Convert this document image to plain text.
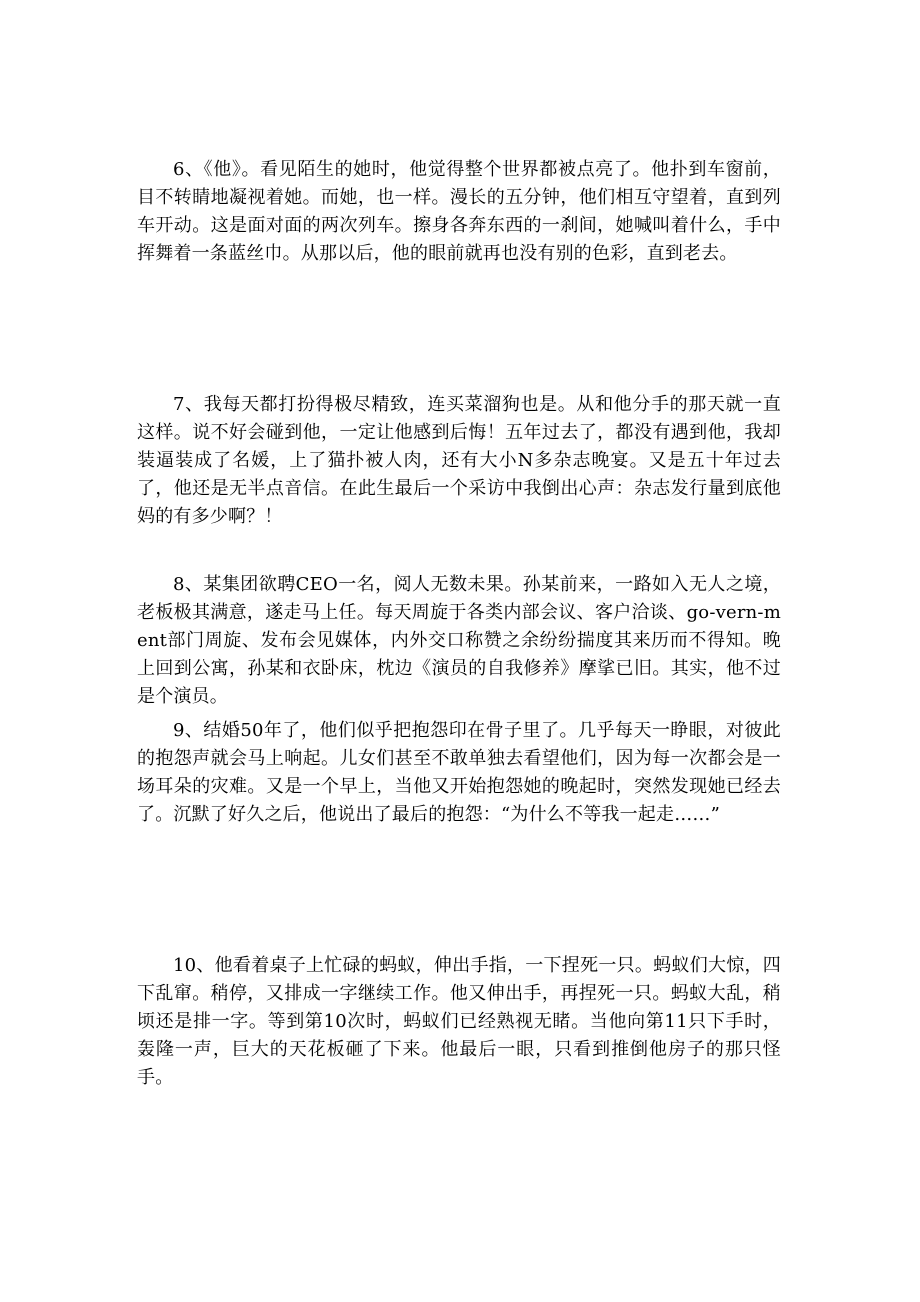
6、《他》。看见陌生的她时，他觉得整个世界都被点亮了。他扑到车窗前，目不转睛地凝视着她。而她，也一样。漫长的五分钟，他们相互守望着，直到列车开动。这是面对面的两次列车。擦身各奔东西的一刹间，她喊叫着什么，手中挥舞着一条蓝丝巾。从那以后，他的眼前就再也没有别的色彩，直到老去。

7、我每天都打扮得极尽精致，连买菜溜狗也是。从和他分手的那天就一直这样。说不好会碰到他，一定让他感到后悔！五年过去了，都没有遇到他，我却装逼装成了名媛，上了猫扑被人肉，还有大小N多杂志晚宴。又是五十年过去了，他还是无半点音信。在此生最后一个采访中我倒出心声：杂志发行量到底他妈的有多少啊？！

8、某集团欲聘CEO一名，阅人无数未果。孙某前来，一路如入无人之境，老板极其满意，遂走马上任。每天周旋于各类内部会议、客户洽谈、go-vern-ment部门周旋、发布会见媒体，内外交口称赞之余纷纷揣度其来历而不得知。晚上回到公寓，孙某和衣卧床，枕边《演员的自我修养》摩挲已旧。其实，他不过是个演员。

9、结婚50年了，他们似乎把抱怨印在骨子里了。几乎每天一睁眼，对彼此的抱怨声就会马上响起。儿女们甚至不敢单独去看望他们，因为每一次都会是一场耳朵的灾难。又是一个早上，当他又开始抱怨她的晚起时，突然发现她已经去了。沉默了好久之后，他说出了最后的抱怨：“为什么不等我一起走……”

10、他看着桌子上忙碌的蚂蚁，伸出手指，一下捏死一只。蚂蚁们大惊，四下乱窜。稍停，又排成一字继续工作。他又伸出手，再捏死一只。蚂蚁大乱，稍顷还是排一字。等到第10次时，蚂蚁们已经熟视无睹。当他向第11只下手时，轰隆一声，巨大的天花板砸了下来。他最后一眼，只看到推倒他房子的那只怪手。
